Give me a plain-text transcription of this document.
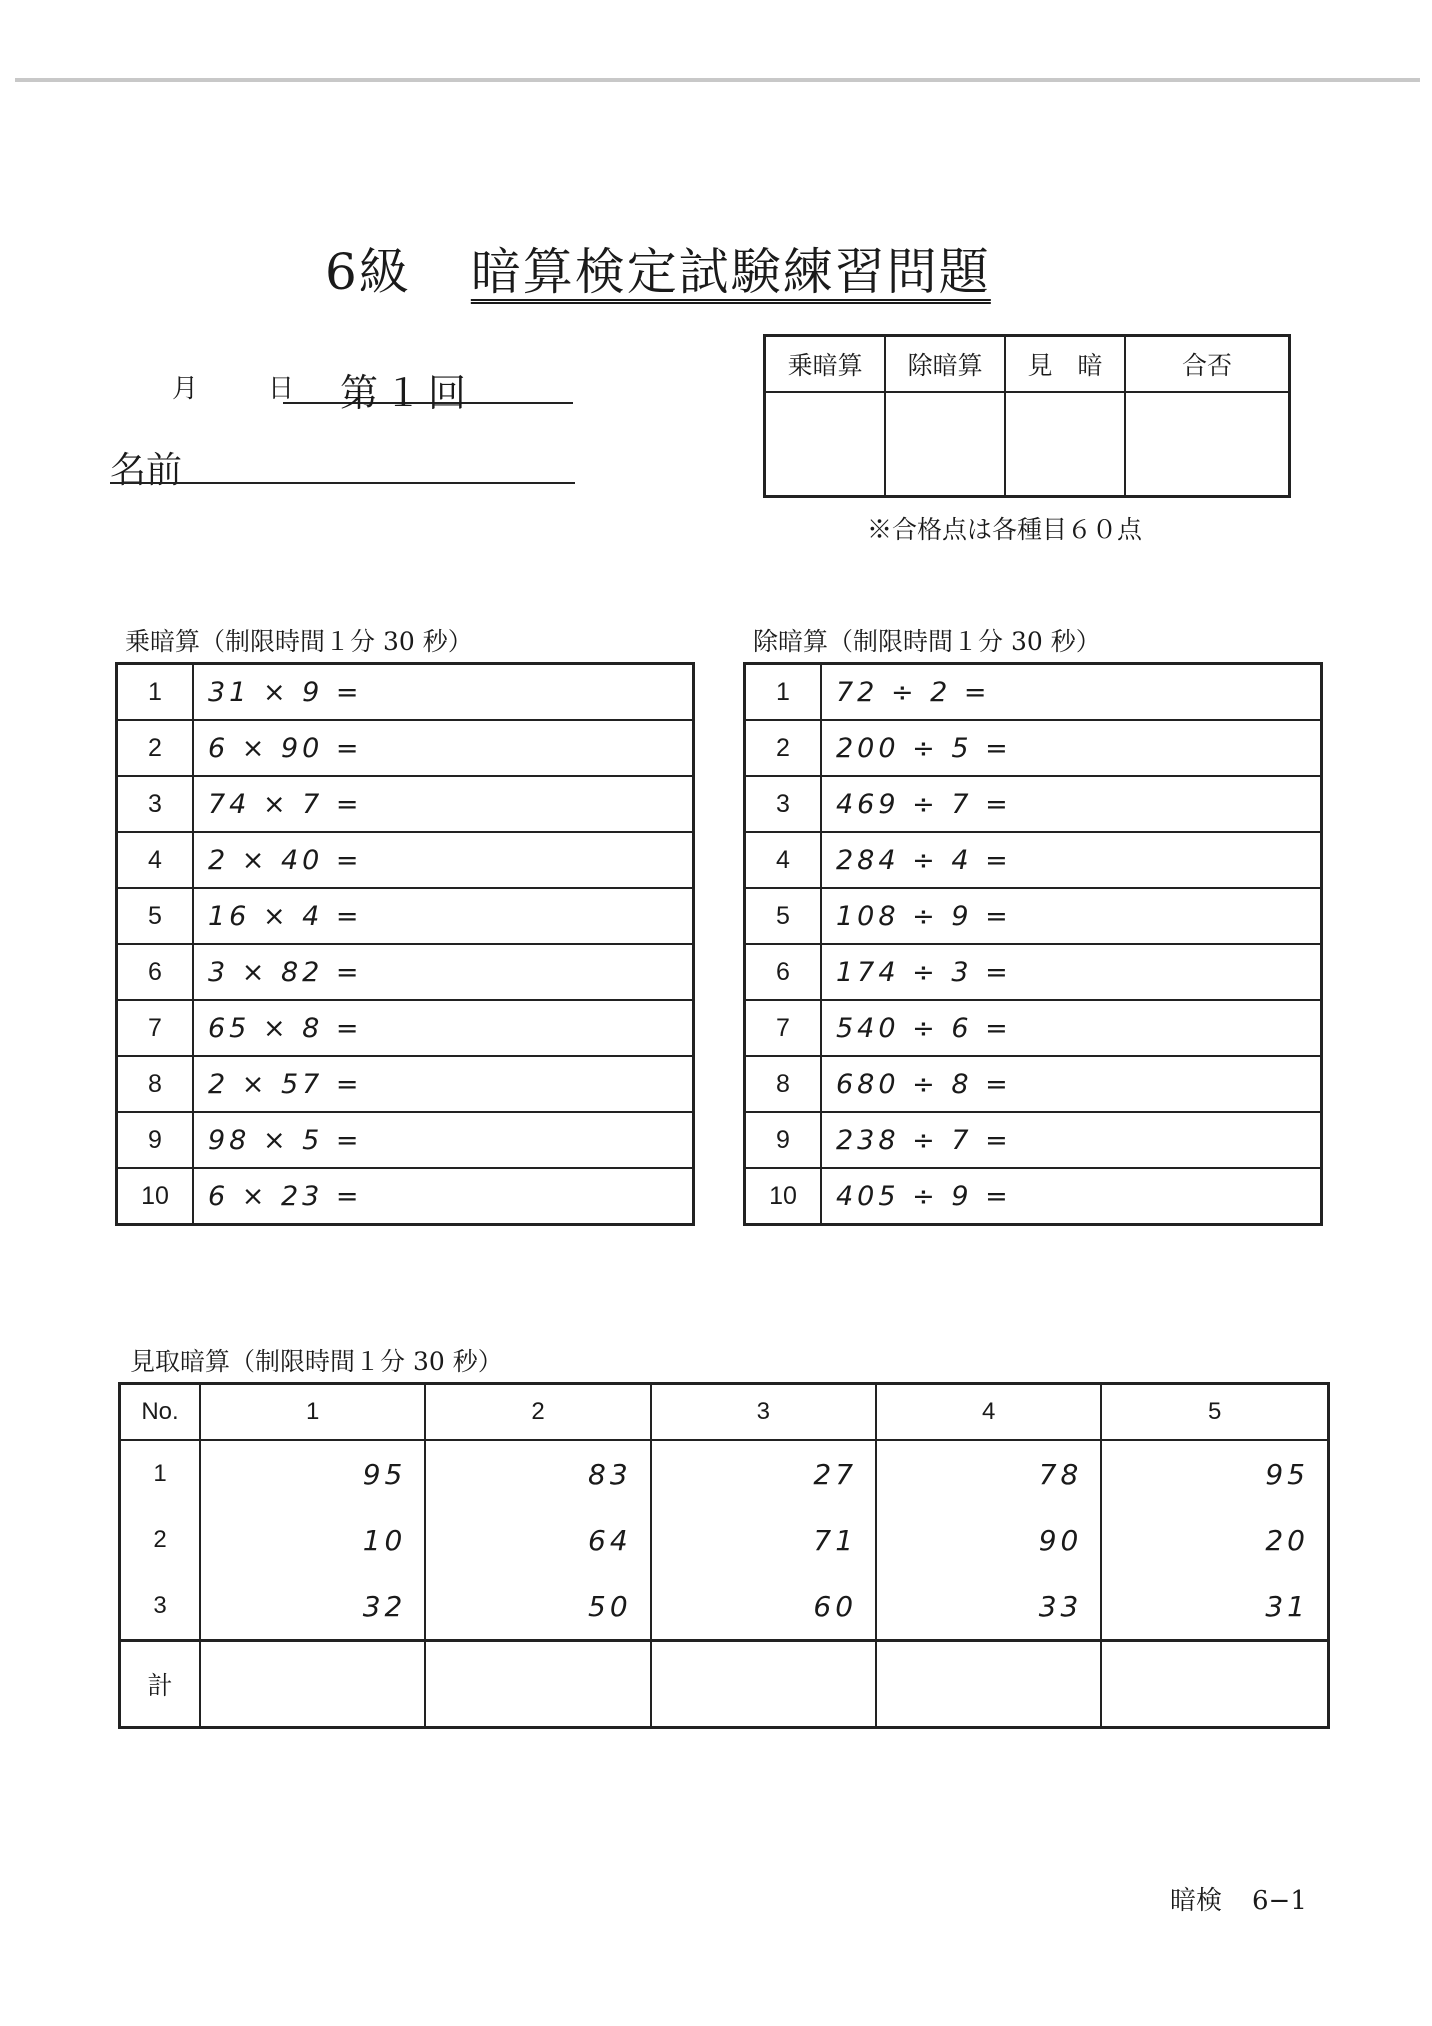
6級 暗算検定試験練習問題
月	日 第１回
名前
乗暗算	除暗算	見　暗	合否

※合格点は各種目６０点
乗暗算（制限時間１分 30 秒）
1	31 × 9 =
2	6 × 90 =
3	74 × 7 =
4	2 × 40 =
5	16 × 4 =
6	3 × 82 =
7	65 × 8 =
8	2 × 57 =
9	98 × 5 =
10	6 × 23 =
除暗算（制限時間１分 30 秒）
1	72 ÷ 2 =
2	200 ÷ 5 =
3	469 ÷ 7 =
4	284 ÷ 4 =
5	108 ÷ 9 =
6	174 ÷ 3 =
7	540 ÷ 6 =
8	680 ÷ 8 =
9	238 ÷ 7 =
10	405 ÷ 9 =
見取暗算（制限時間１分 30 秒）
No.	1	2	3	4	5
1	95	83	27	78	95
2	10	64	71	90	20
3	32	50	60	33	31
計					
暗検 6−1
